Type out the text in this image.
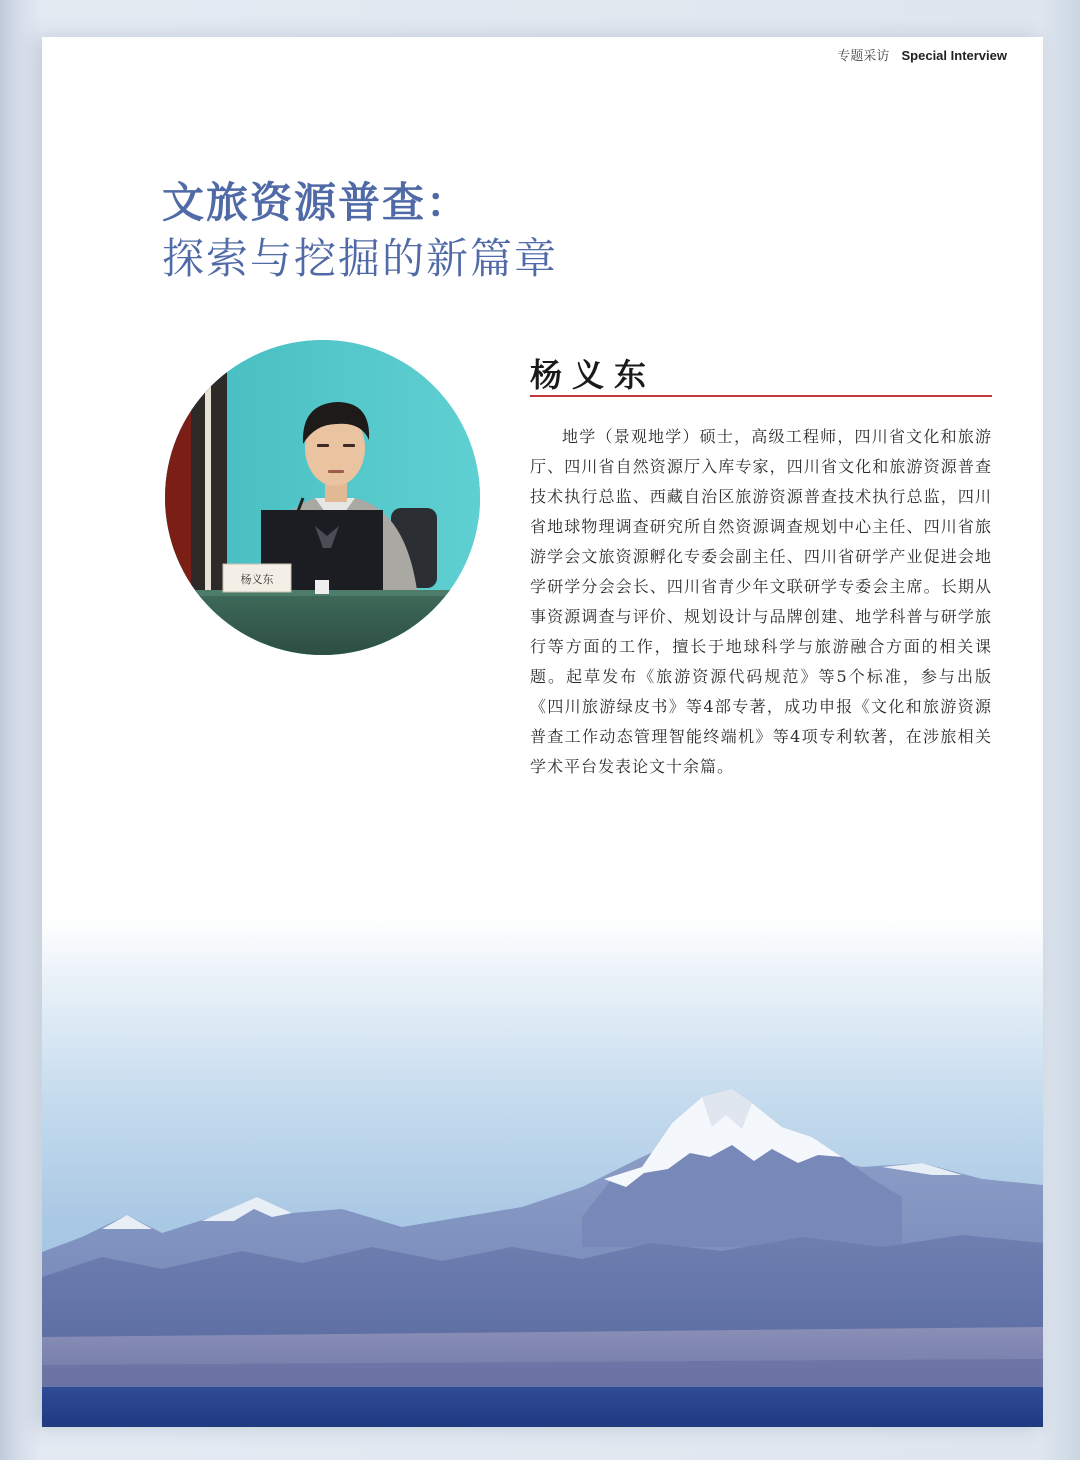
专题采访 Special Interview
文旅资源普查：
探索与挖掘的新篇章
杨义东
杨义东
地学（景观地学）硕士，高级工程师，四川省文化和旅游厅、四川省自然资源厅入库专家，四川省文化和旅游资源普查技术执行总监、西藏自治区旅游资源普查技术执行总监，四川省地球物理调查研究所自然资源调查规划中心主任、四川省旅游学会文旅资源孵化专委会副主任、四川省研学产业促进会地学研学分会会长、四川省青少年文联研学专委会主席。长期从事资源调查与评价、规划设计与品牌创建、地学科普与研学旅行等方面的工作，擅长于地球科学与旅游融合方面的相关课题。起草发布《旅游资源代码规范》等5个标准，参与出版《四川旅游绿皮书》等4部专著，成功申报《文化和旅游资源普查工作动态管理智能终端机》等4项专利软著，在涉旅相关学术平台发表论文十余篇。
